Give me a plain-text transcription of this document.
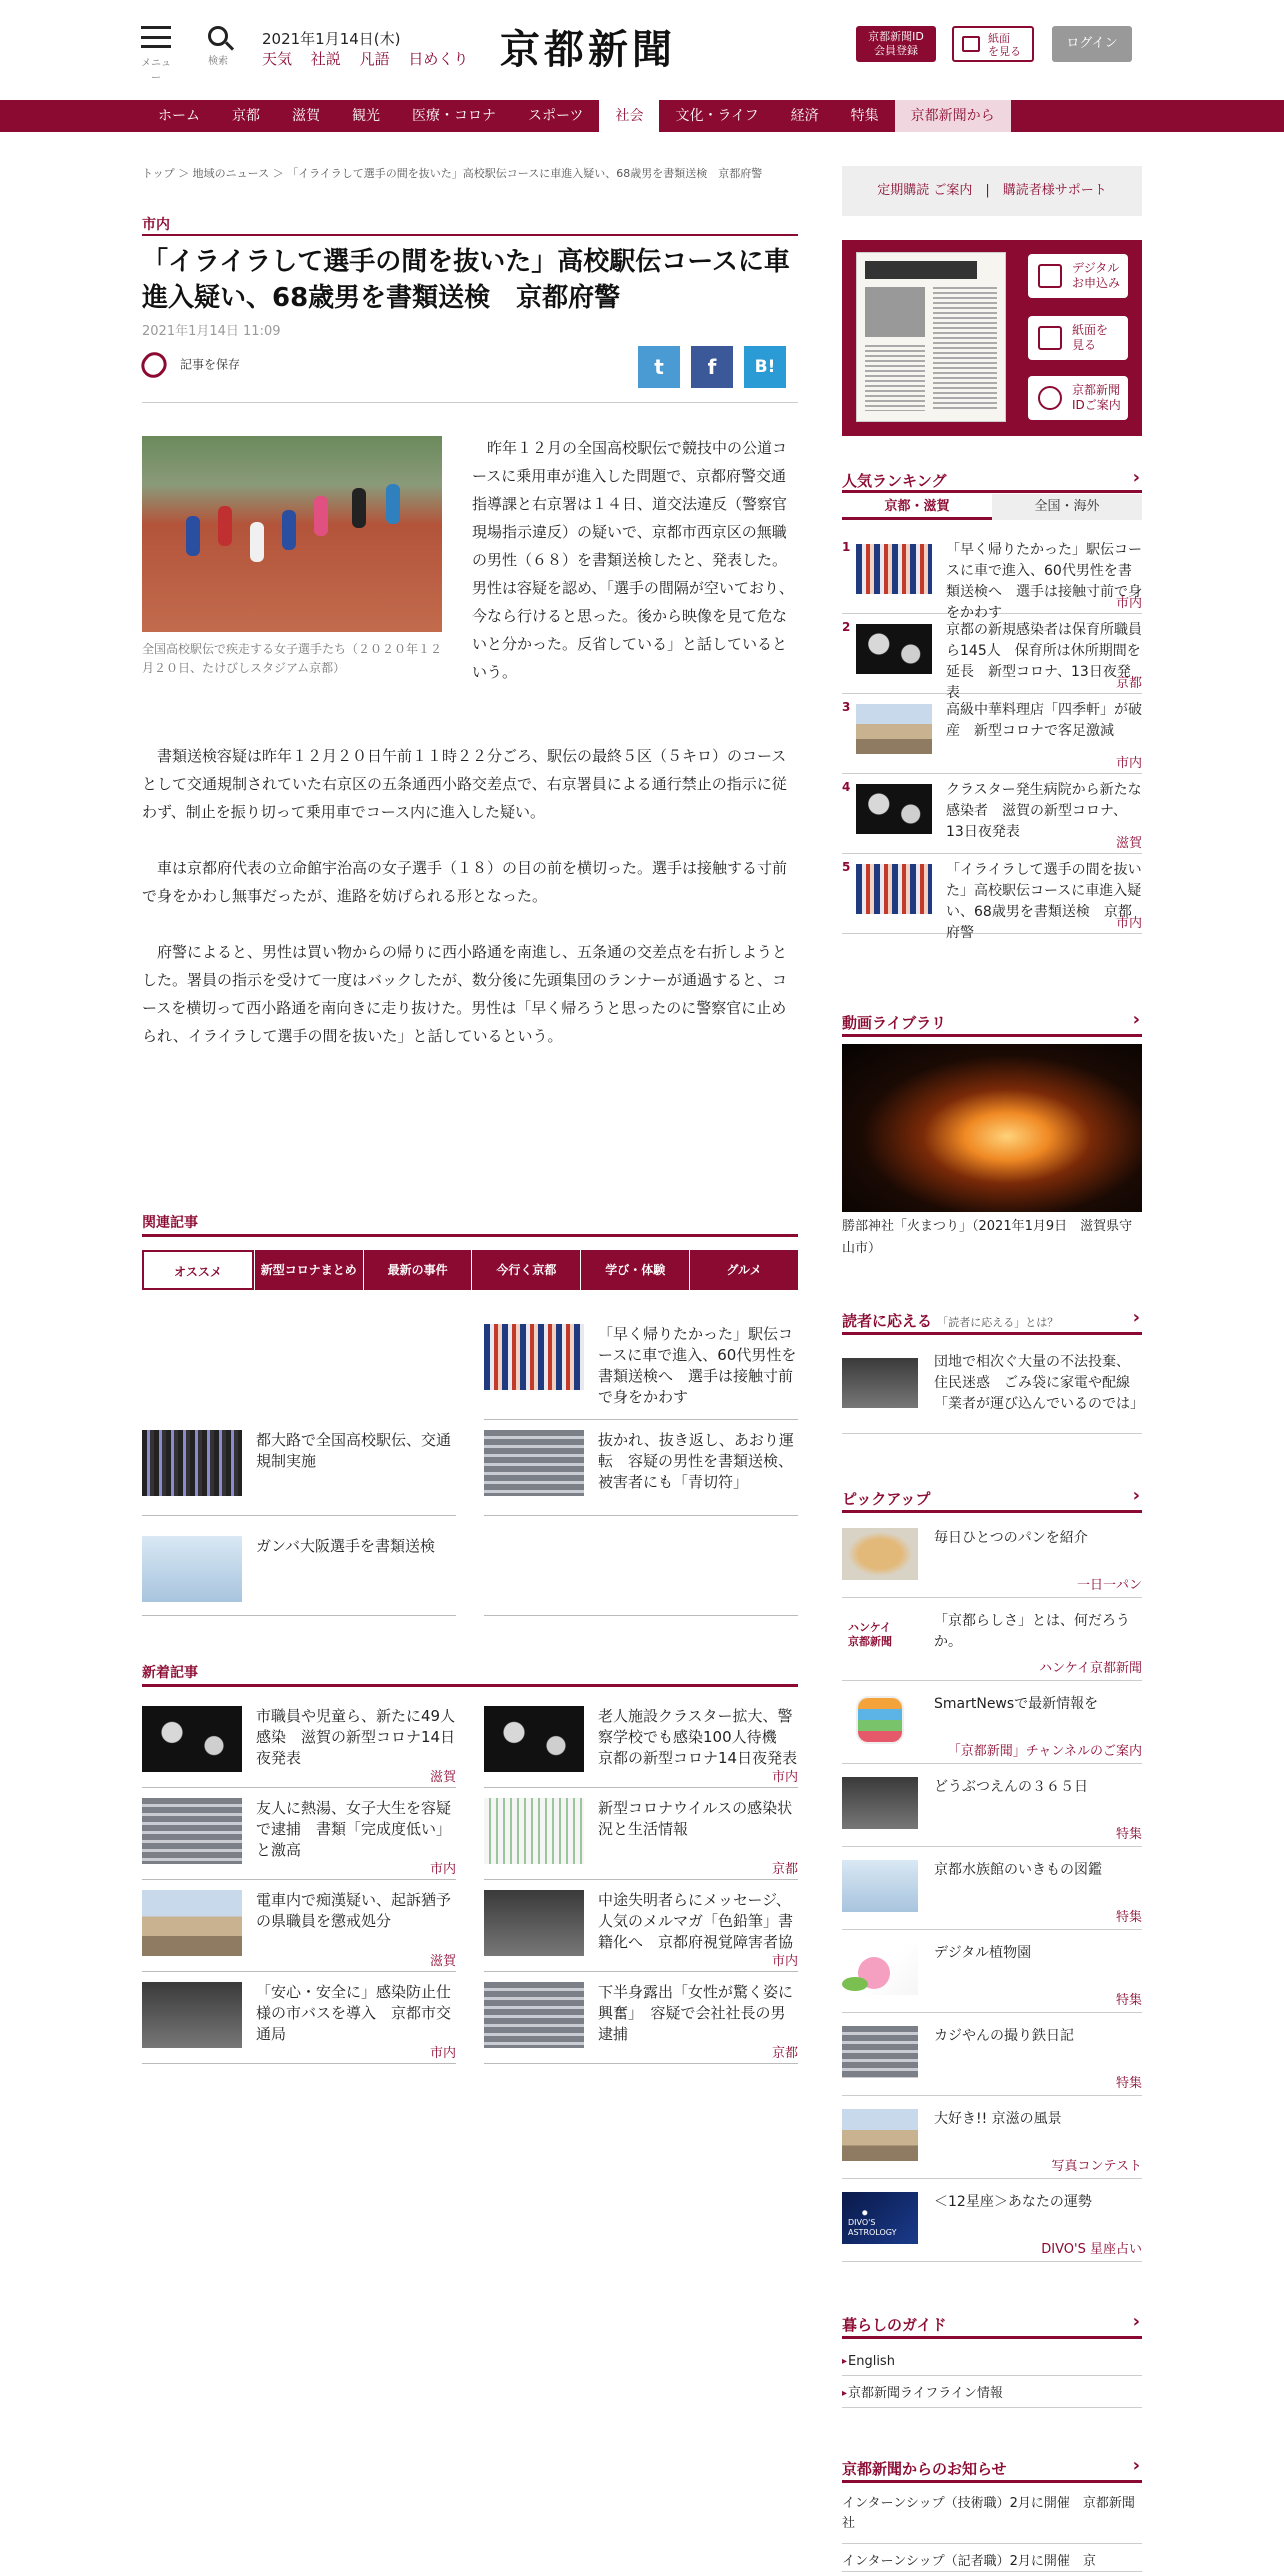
メニュー
検索
2021年1月14日(木)
天気 社説 凡語 日めくり 京都新聞	京都新聞ID
会員登録
紙面
を見る
ログイン
ホーム	京都	滋賀	観光	医療・コロナ	スポーツ	社会	文化・ライフ	経済	特集	京都新聞から
トップ ＞ 地域のニュース ＞ 「イライラして選手の間を抜いた」高校駅伝コースに車進入疑い、68歳男を書類送検　京都府警
市内
「イライラして選手の間を抜いた」高校駅伝コースに車進入疑い、68歳男を書類送検　京都府警
2021年1月14日 11:09
記事を保存	t	f	B!
全国高校駅伝で疾走する女子選手たち（２０２０年１２月２０日、たけびしスタジアム京都）

　昨年１２月の全国高校駅伝で競技中の公道コースに乗用車が進入した問題で、京都府警交通指導課と右京署は１４日、道交法違反（警察官現場指示違反）の疑いで、京都市西京区の無職の男性（６８）を書類送検したと、発表した。男性は容疑を認め、「選手の間隔が空いており、今なら行けると思った。後から映像を見て危ないと分かった。反省している」と話しているという。

　書類送検容疑は昨年１２月２０日午前１１時２２分ごろ、駅伝の最終５区（５キロ）のコースとして交通規制されていた右京区の五条通西小路交差点で、右京署員による通行禁止の指示に従わず、制止を振り切って乗用車でコース内に進入した疑い。

　車は京都府代表の立命館宇治高の女子選手（１８）の目の前を横切った。選手は接触する寸前で身をかわし無事だったが、進路を妨げられる形となった。

　府警によると、男性は買い物からの帰りに西小路通を南進し、五条通の交差点を右折しようとした。署員の指示を受けて一度はバックしたが、数分後に先頭集団のランナーが通過すると、コースを横切って西小路通を南向きに走り抜けた。男性は「早く帰ろうと思ったのに警察官に止められ、イライラして選手の間を抜いた」と話しているという。

関連記事
オススメ	新型コロナまとめ	最新の事件	今行く京都	学び・体験	グルメ
「早く帰りたかった」駅伝コースに車で進入、60代男性を書類送検へ　選手は接触寸前で身をかわす
都大路で全国高校駅伝、交通規制実施
抜かれ、抜き返し、あおり運転　容疑の男性を書類送検、被害者にも「青切符」
ガンバ大阪選手を書類送検
新着記事
市職員や児童ら、新たに49人感染　滋賀の新型コロナ14日夜発表
滋賀
老人施設クラスター拡大、警察学校でも感染100人待機　京都の新型コロナ14日夜発表
市内
友人に熱湯、女子大生を容疑で逮捕　書類「完成度低い」と激高
市内
新型コロナウイルスの感染状況と生活情報
京都
電車内で痴漢疑い、起訴猶予の県職員を懲戒処分
滋賀
中途失明者らにメッセージ、人気のメルマガ「色鉛筆」書籍化へ　京都府視覚障害者協
市内
「安心・安全に」感染防止仕様の市バスを導入　京都市交通局
市内
下半身露出「女性が驚く姿に興奮」　容疑で会社社長の男逮捕
京都
定期購読 ご案内　|　購読者様サポート
デジタル
お申込み
紙面を
見る
京都新聞
IDご案内
人気ランキング ›
京都・滋賀	全国・海外
1	「早く帰りたかった」駅伝コースに車で進入、60代男性を書類送検へ　選手は接触寸前で身をかわす
市内
2	京都の新規感染者は保育所職員ら145人　保育所は休所期間を延長　新型コロナ、13日夜発表
京都
3	高級中華料理店「四季軒」が破産　新型コロナで客足激減
市内
4	クラスター発生病院から新たな感染者　滋賀の新型コロナ、13日夜発表
滋賀
5	「イライラして選手の間を抜いた」高校駅伝コースに車進入疑い、68歳男を書類送検　京都府警
市内
動画ライブラリ ›
勝部神社「火まつり」（2021年1月9日　滋賀県守山市）
読者に応える 「読者に応える」とは？ ›
団地で相次ぐ大量の不法投棄、住民迷惑　ごみ袋に家電や配線「業者が運び込んでいるのでは」
ピックアップ ›
毎日ひとつのパンを紹介
一日一パン
ハンケイ
京都新聞
「京都らしさ」とは、何だろうか。
ハンケイ京都新聞
SmartNewsで最新情報を
「京都新聞」チャンネルのご案内
どうぶつえんの３６５日
特集
京都水族館のいきもの図鑑
特集
デジタル植物園
特集
カジやんの撮り鉄日記
特集
大好き!! 京滋の風景
写真コンテスト
DIVO'S
ASTROLOGY
＜12星座＞あなたの運勢
DIVO'S 星座占い
暮らしのガイド ›
▸ English
▸ 京都新聞ライフライン情報
京都新聞からのお知らせ ›
インターンシップ（技術職）2月に開催　京都新聞社
インターンシップ（記者職）2月に開催　京
